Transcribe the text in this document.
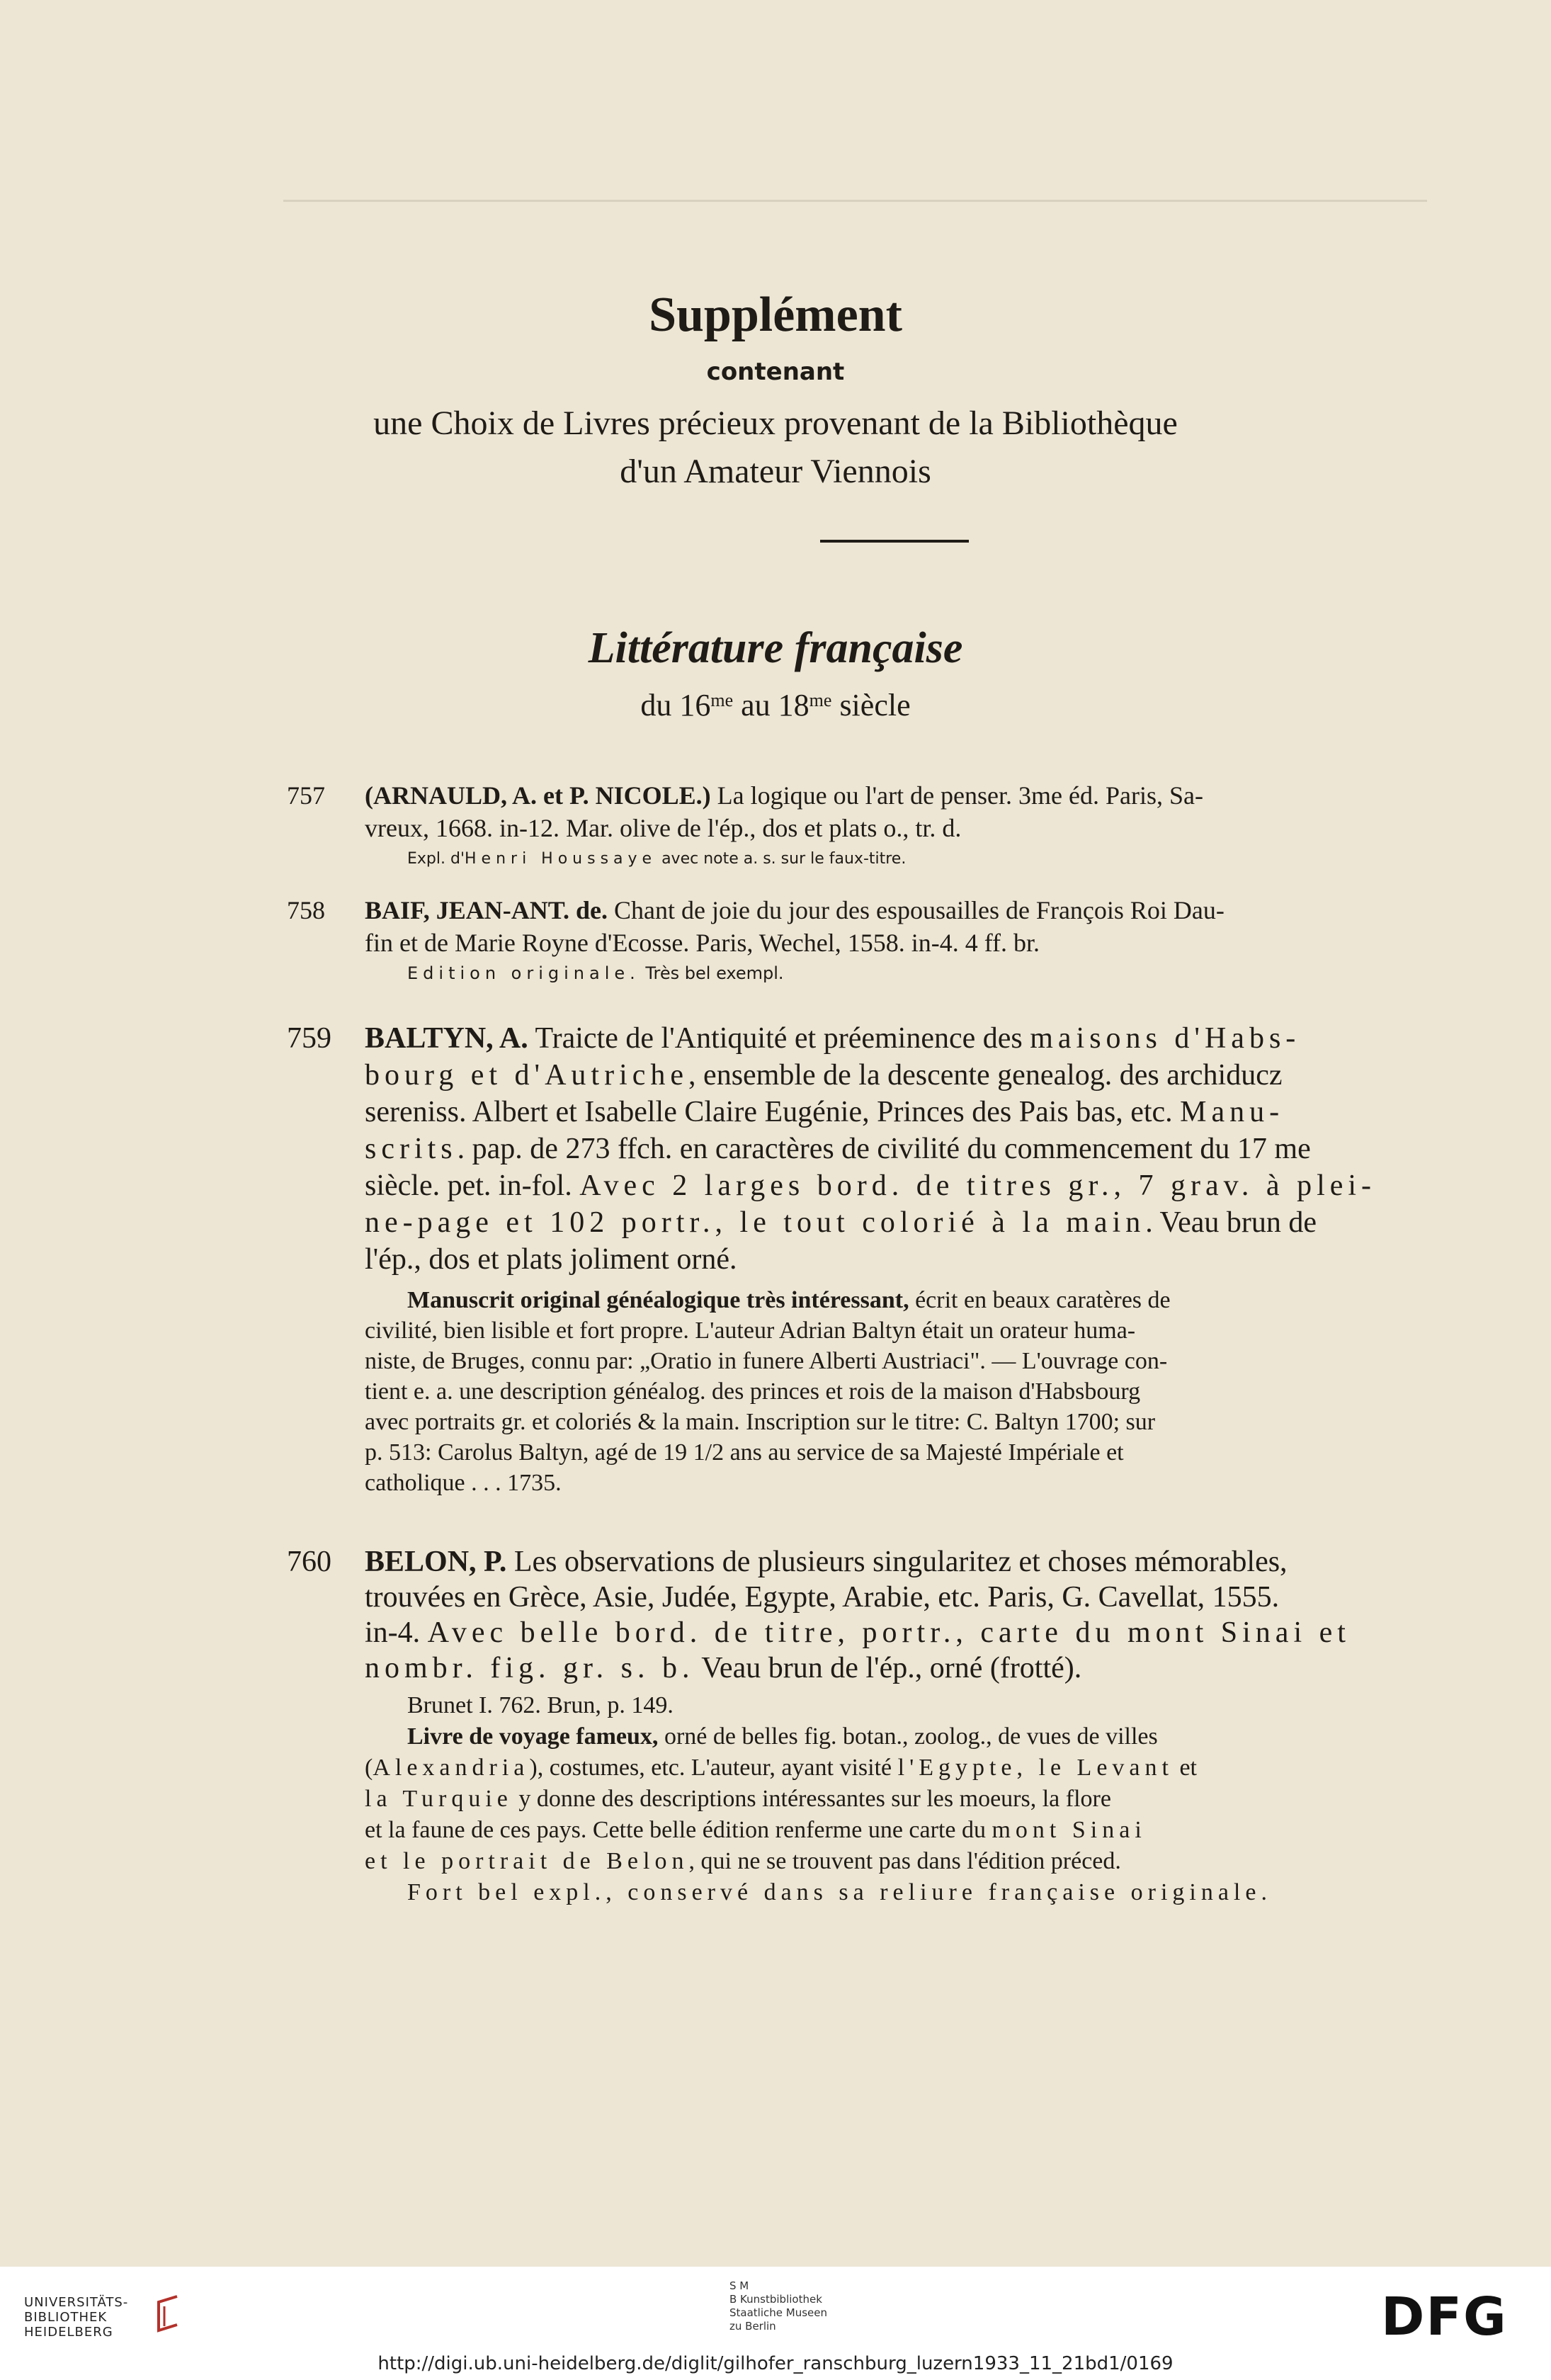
Supplément
contenant
une Choix de Livres précieux provenant de la Bibliothèque
d'un Amateur Viennois
Littérature française
du $16^{me}$ au $18^{me}$ siècle
757 (ARNAULD, A. et P. NICOLE.) La logique ou l'art de penser. 3me éd. Paris, Sa-
vreux, 1668. in-12. Mar. olive de l'ép., dos et plats o., tr. d.
Expl. d'Henri Houssaye avec note a. s. sur le faux-titre.
758 BAIF, JEAN-ANT. de. Chant de joie du jour des espousailles de François Roi Dau-
fin et de Marie Royne d'Ecosse. Paris, Wechel, 1558. in-4. 4 ff. br.
Edition originale. Très bel exempl.
759 BALTYN, A. Traicte de l'Antiquité et préeminence des maisons d'Habs-
bourg et d'Autriche, ensemble de la descente genealog. des archiducz
sereniss. Albert et Isabelle Claire Eugénie, Princes des Pais bas, etc. Manu-
scrits. pap. de 273 ffch. en caractères de civilité du commencement du 17 me
siècle. pet. in-fol. Avec 2 larges bord. de titres gr., 7 grav. à plei-
ne-page et 102 portr., le tout colorié à la main. Veau brun de
l'ép., dos et plats joliment orné.
Manuscrit original généalogique très intéressant, écrit en beaux caratères de
civilité, bien lisible et fort propre. L'auteur Adrian Baltyn était un orateur huma-
niste, de Bruges, connu par: „Oratio in funere Alberti Austriaci". — L'ouvrage con-
tient e. a. une description généalog. des princes et rois de la maison d'Habsbourg
avec portraits gr. et coloriés & la main. Inscription sur le titre: C. Baltyn 1700; sur
p. 513: Carolus Baltyn, agé de 19 1/2 ans au service de sa Majesté Impériale et
catholique . . . 1735.
760 BELON, P. Les observations de plusieurs singularitez et choses mémorables,
trouvées en Grèce, Asie, Judée, Egypte, Arabie, etc. Paris, G. Cavellat, 1555.
in-4. Avec belle bord. de titre, portr., carte du mont Sinai et
nombr. fig. gr. s. b. Veau brun de l'ép., orné (frotté).
Brunet I. 762. Brun, p. 149.
Livre de voyage fameux, orné de belles fig. botan., zoolog., de vues de villes
(Alexandria), costumes, etc. L'auteur, ayant visité l'Egypte, le Levant et
la Turquie y donne des descriptions intéressantes sur les moeurs, la flore
et la faune de ces pays. Cette belle édition renferme une carte du mont Sinai
et le portrait de Belon, qui ne se trouvent pas dans l'édition préced.
Fort bel expl., conservé dans sa reliure française originale.
UNIVERSITÄTS-
BIBLIOTHEK
HEIDELBERG
S M
B Kunstbibliothek
Staatliche Museen
zu Berlin	DFG
http://digi.ub.uni-heidelberg.de/diglit/gilhofer_ranschburg_luzern1933_11_21bd1/0169
